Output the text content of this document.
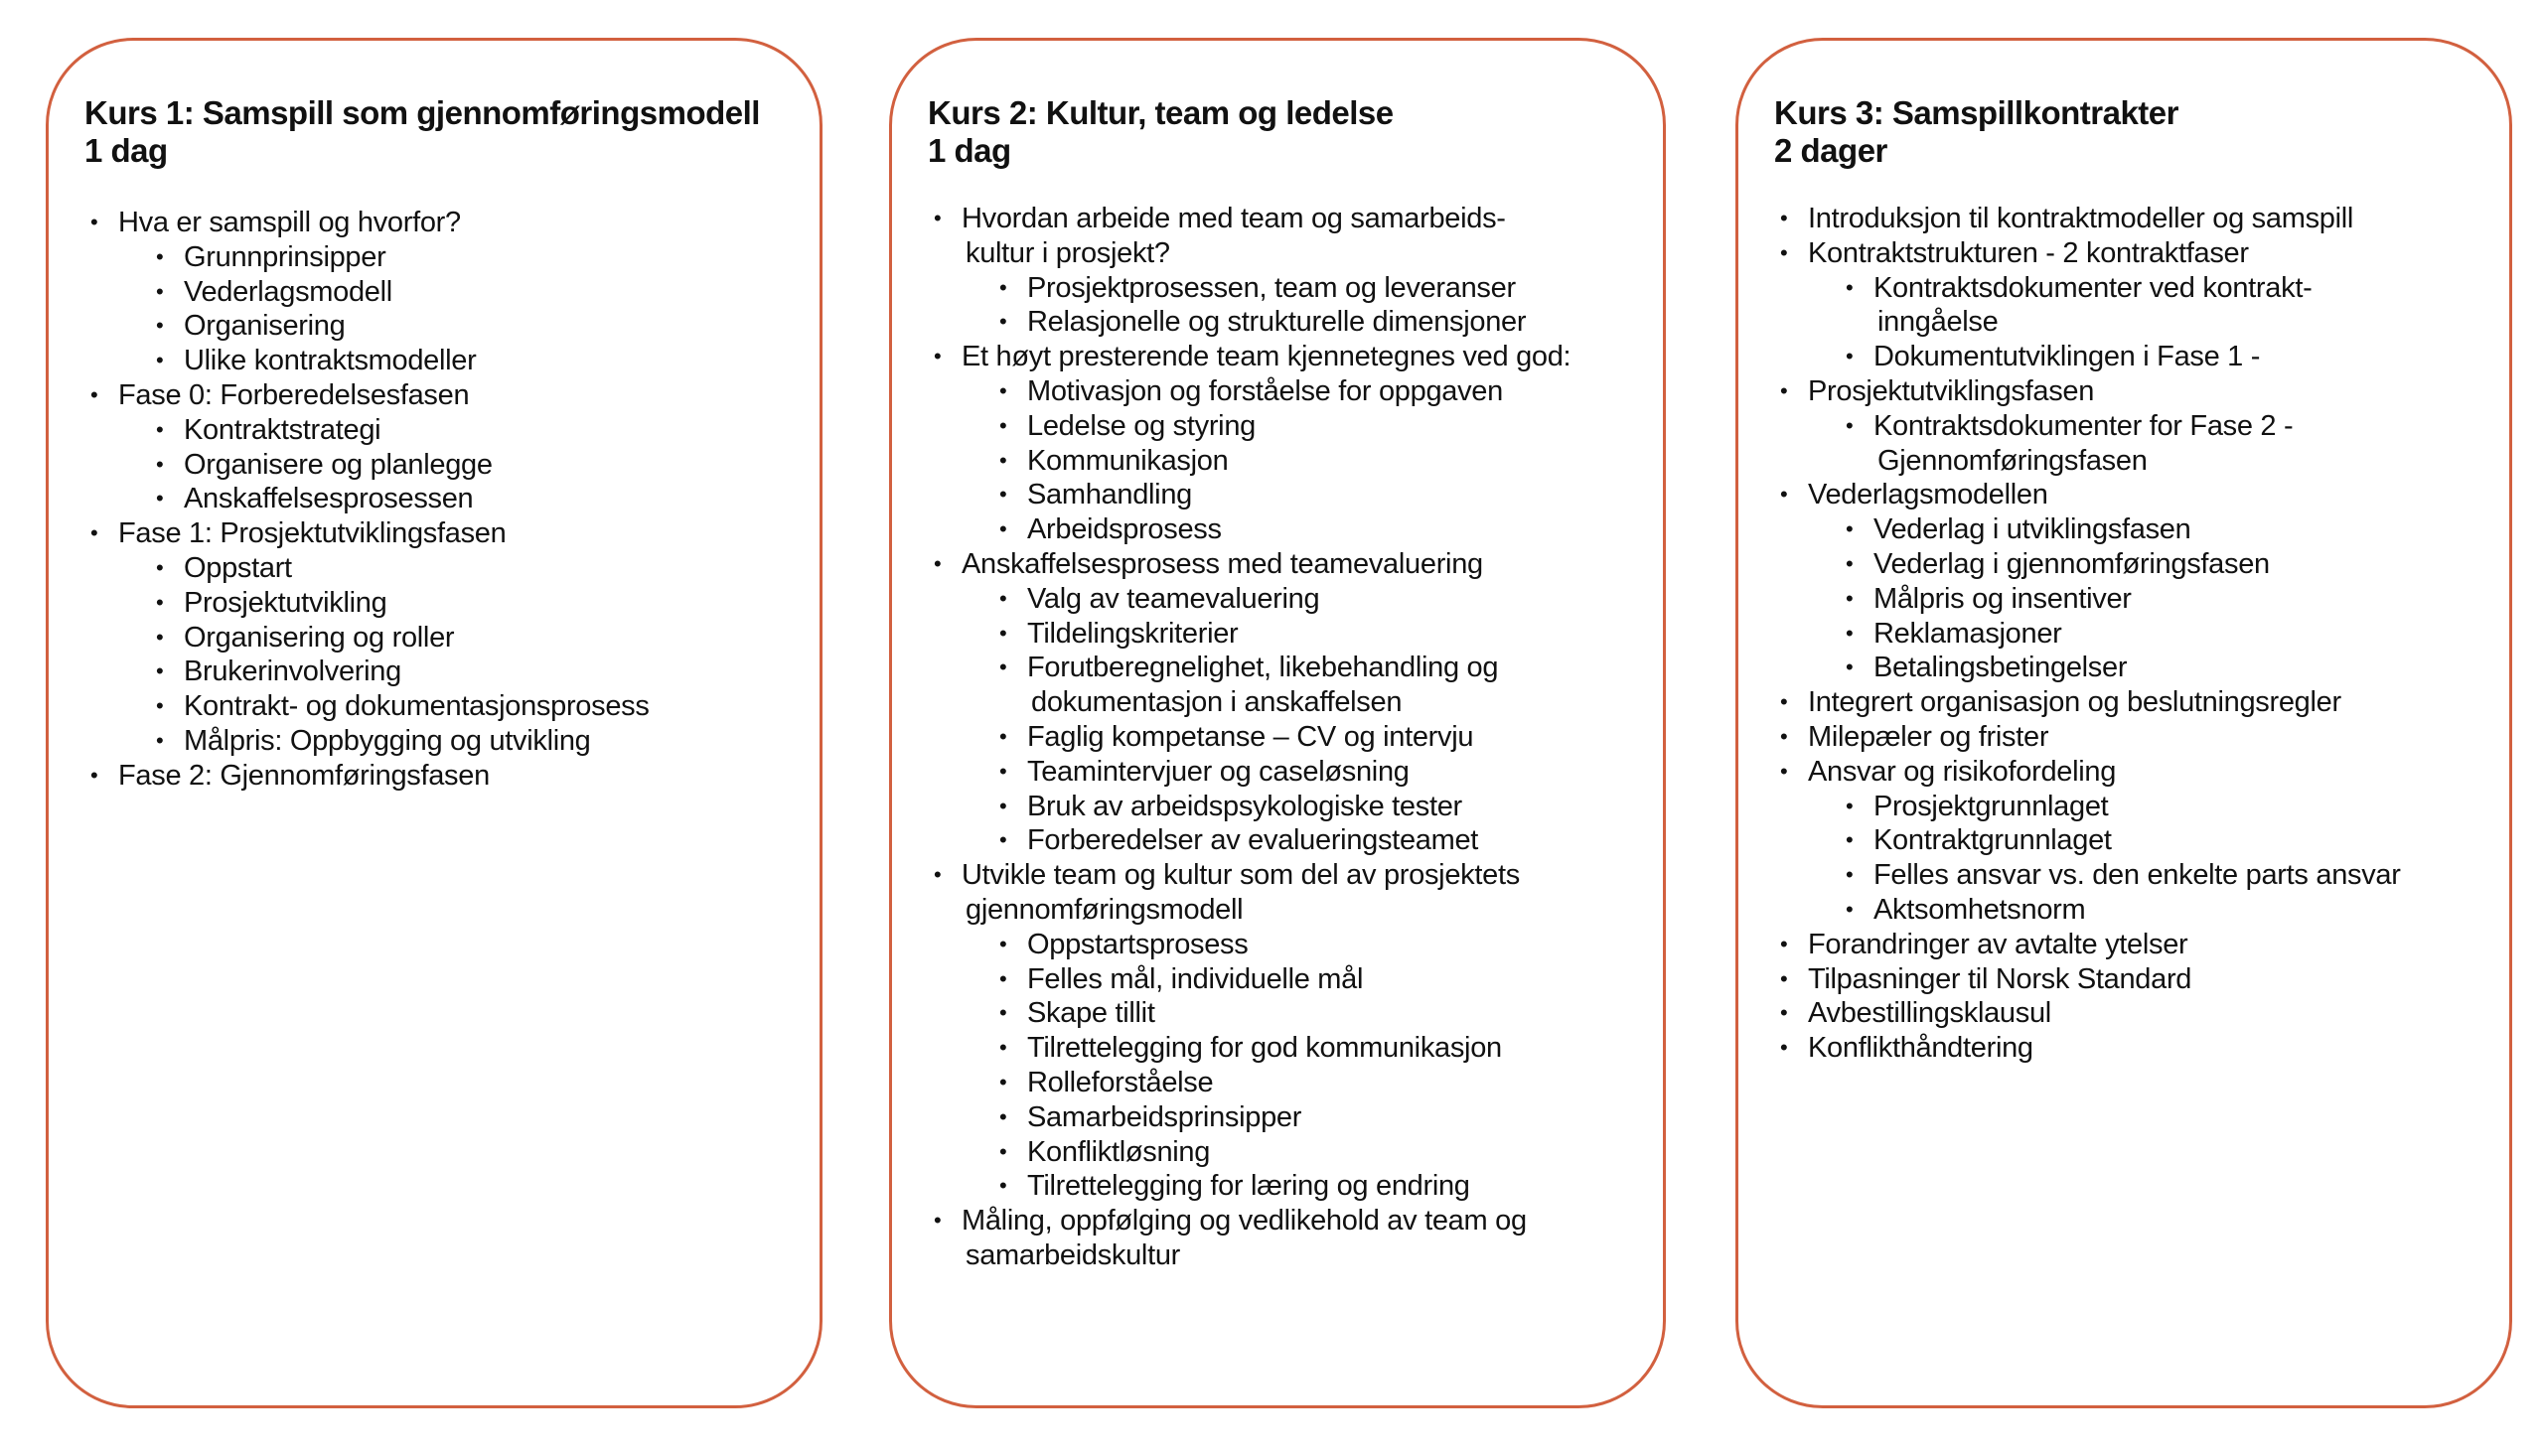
Kurs 1: Samspill som gjennomføringsmodell
1 dag
• Hva er samspill og hvorfor?
• Grunnprinsipper
• Vederlagsmodell
• Organisering
• Ulike kontraktsmodeller
• Fase 0: Forberedelsesfasen
• Kontraktstrategi
• Organisere og planlegge
• Anskaffelsesprosessen
• Fase 1: Prosjektutviklingsfasen
• Oppstart
• Prosjektutvikling
• Organisering og roller
• Brukerinvolvering
• Kontrakt- og dokumentasjonsprosess
• Målpris: Oppbygging og utvikling
• Fase 2: Gjennomføringsfasen
Kurs 2: Kultur, team og ledelse
1 dag
• Hvordan arbeide med team og samarbeids-
kultur i prosjekt?
• Prosjektprosessen, team og leveranser
• Relasjonelle og strukturelle dimensjoner
• Et høyt presterende team kjennetegnes ved god:
• Motivasjon og forståelse for oppgaven
• Ledelse og styring
• Kommunikasjon
• Samhandling
• Arbeidsprosess
• Anskaffelsesprosess med teamevaluering
• Valg av teamevaluering
• Tildelingskriterier
• Forutberegnelighet, likebehandling og
dokumentasjon i anskaffelsen
• Faglig kompetanse – CV og intervju
• Teamintervjuer og caseløsning
• Bruk av arbeidspsykologiske tester
• Forberedelser av evalueringsteamet
• Utvikle team og kultur som del av prosjektets
gjennomføringsmodell
• Oppstartsprosess
• Felles mål, individuelle mål
• Skape tillit
• Tilrettelegging for god kommunikasjon
• Rolleforståelse
• Samarbeidsprinsipper
• Konfliktløsning
• Tilrettelegging for læring og endring
• Måling, oppfølging og vedlikehold av team og
samarbeidskultur
Kurs 3: Samspillkontrakter
2 dager
• Introduksjon til kontraktmodeller og samspill
• Kontraktstrukturen - 2 kontraktfaser
• Kontraktsdokumenter ved kontrakt-
inngåelse
• Dokumentutviklingen i Fase 1 -
• Prosjektutviklingsfasen
• Kontraktsdokumenter for Fase 2 -
Gjennomføringsfasen
• Vederlagsmodellen
• Vederlag i utviklingsfasen
• Vederlag i gjennomføringsfasen
• Målpris og insentiver
• Reklamasjoner
• Betalingsbetingelser
• Integrert organisasjon og beslutningsregler
• Milepæler og frister
• Ansvar og risikofordeling
• Prosjektgrunnlaget
• Kontraktgrunnlaget
• Felles ansvar vs. den enkelte parts ansvar
• Aktsomhetsnorm
• Forandringer av avtalte ytelser
• Tilpasninger til Norsk Standard
• Avbestillingsklausul
• Konflikthåndtering
